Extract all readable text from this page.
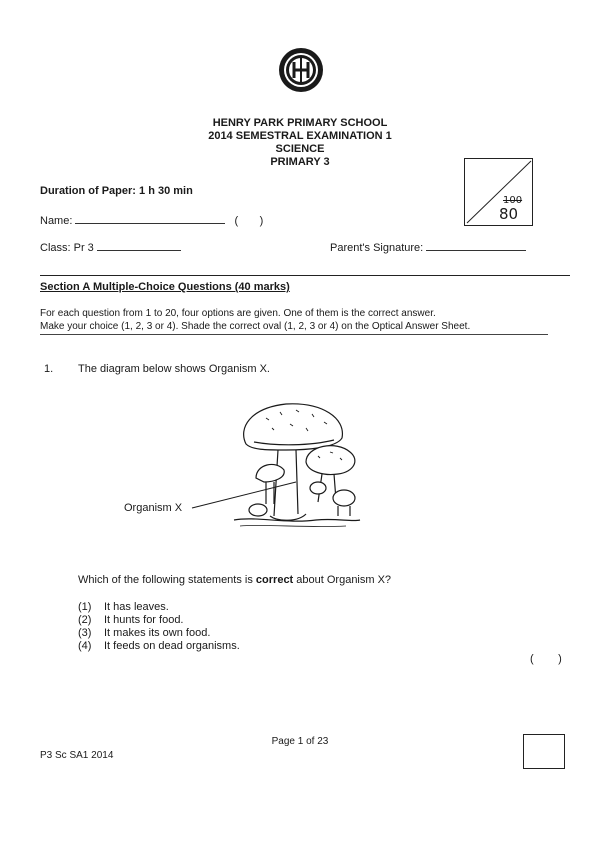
HENRY PARK PRIMARY SCHOOL
2014 SEMESTRAL EXAMINATION 1
SCIENCE
PRIMARY 3
100
80
Duration of Paper: 1 h 30 min
Name:	(       )
Class: Pr 3	Parent's Signature:
Section A Multiple-Choice Questions (40 marks)
For each question from 1 to 20, four options are given. One of them is the correct answer.
Make your choice (1, 2, 3 or 4). Shade the correct oval (1, 2, 3 or 4) on the Optical Answer Sheet.
1. The diagram below shows Organism X.
Organism X
Which of the following statements is correct about Organism X?
(1) It has leaves.
(2) It hunts for food.
(3) It makes its own food.
(4) It feeds on dead organisms.
(        )
Page 1 of 23
P3 Sc SA1 2014
